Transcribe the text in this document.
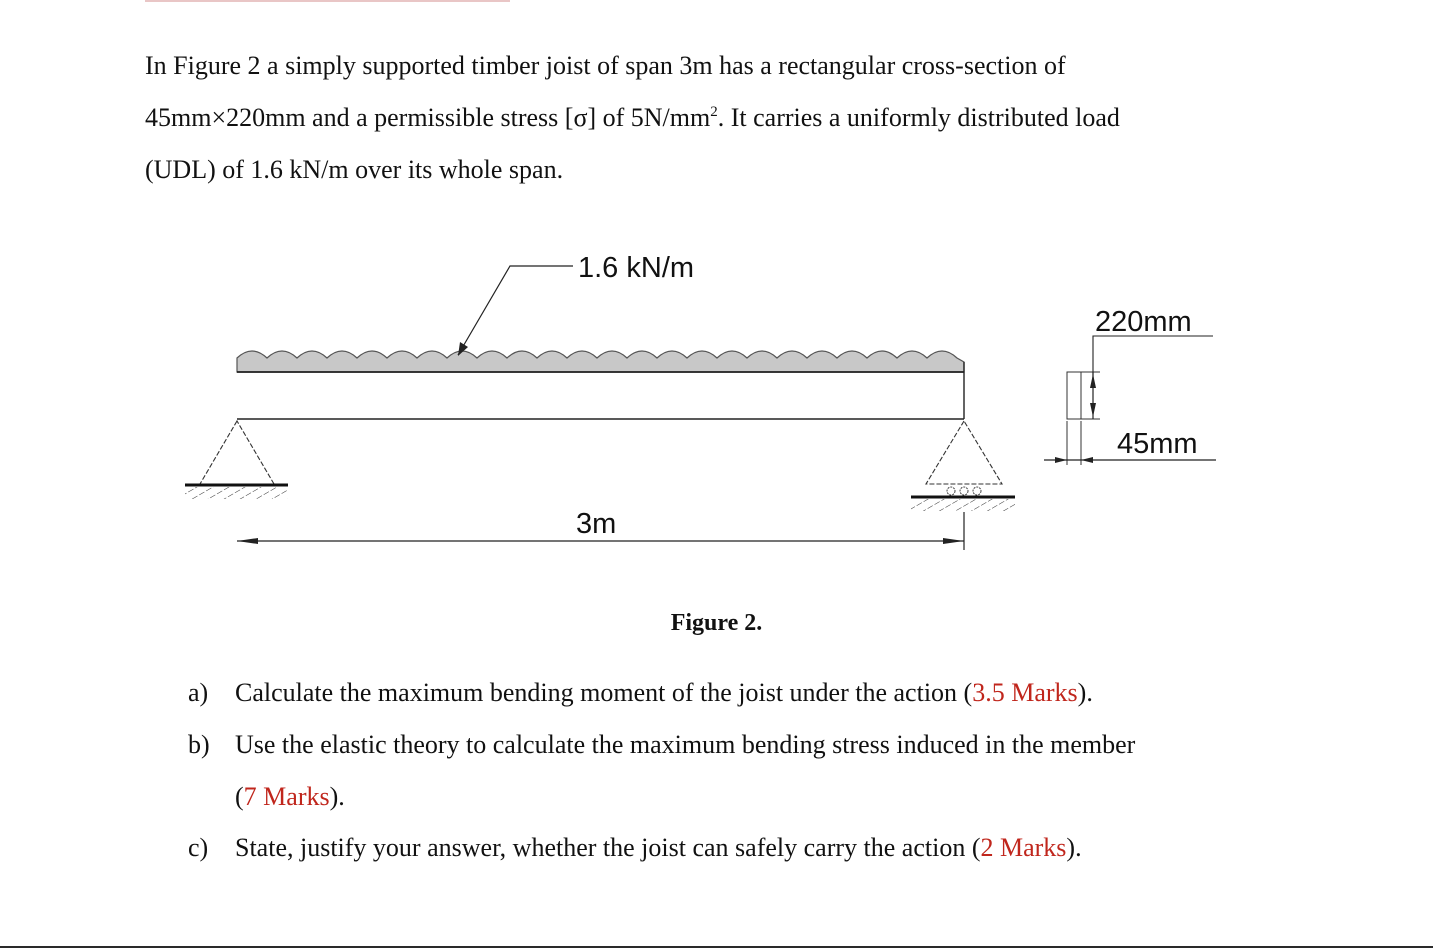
In Figure 2 a simply supported timber joist of span 3m has a rectangular cross-section of
45mm×220mm and a permissible stress [σ] of $5N/mm^2$. It carries a uniformly distributed load
(UDL) of 1.6 kN/m over its whole span.
1.6 kN/m
3m
220mm
45mm
Figure 2.
a) Calculate the maximum bending moment of the joist under the action (3.5 Marks).
b) Use the elastic theory to calculate the maximum bending stress induced in the member
(7 Marks).
c) State, justify your answer, whether the joist can safely carry the action (2 Marks).
